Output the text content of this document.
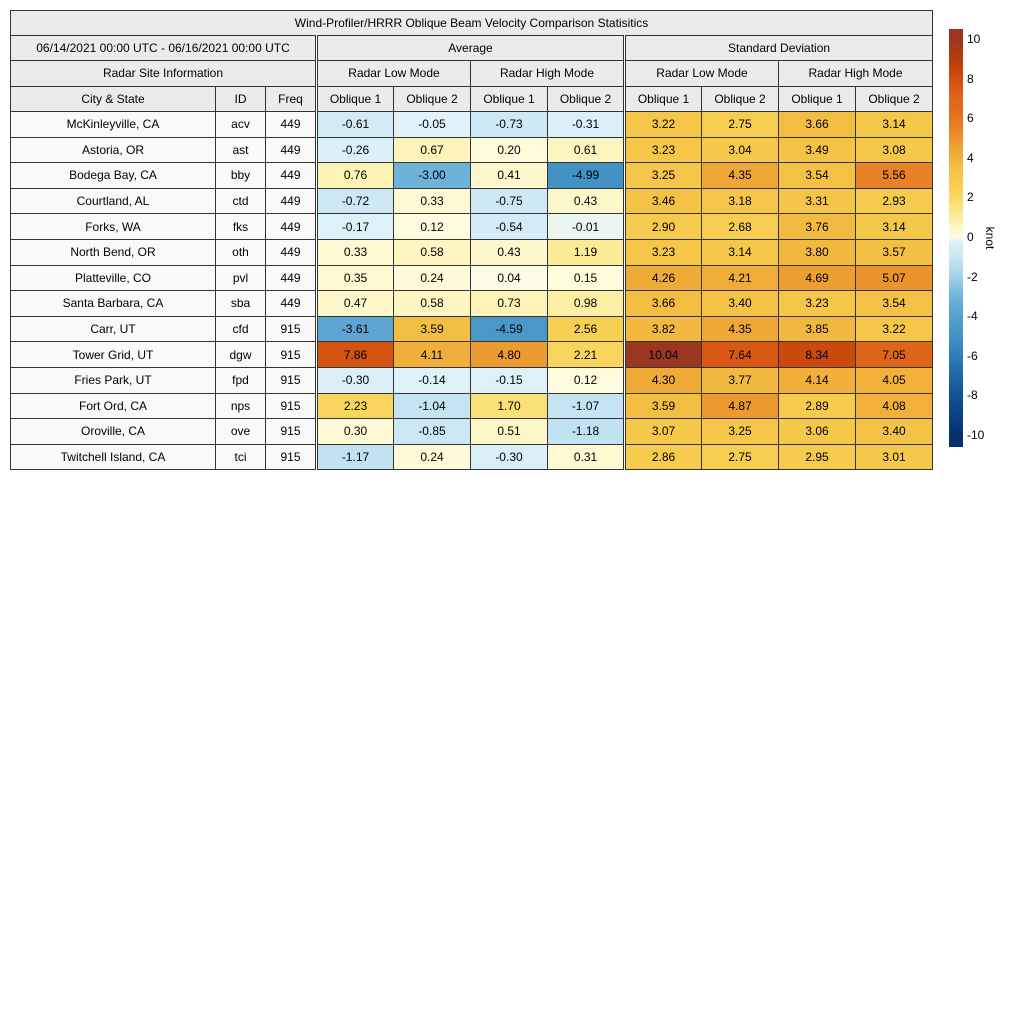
Wind-Profiler/HRRR Oblique Beam Velocity Comparison Statisitics										
06/14/2021 00:00 UTC - 06/16/2021 00:00 UTC			Average				Standard Deviation			
Radar Site Information			Radar Low Mode		Radar High Mode		Radar Low Mode		Radar High Mode	
City & State	ID	Freq	Oblique 1	Oblique 2	Oblique 1	Oblique 2	Oblique 1	Oblique 2	Oblique 1	Oblique 2
McKinleyville, CA	acv	449	-0.61	-0.05	-0.73	-0.31	3.22	2.75	3.66	3.14
Astoria, OR	ast	449	-0.26	0.67	0.20	0.61	3.23	3.04	3.49	3.08
Bodega Bay, CA	bby	449	0.76	-3.00	0.41	-4.99	3.25	4.35	3.54	5.56
Courtland, AL	ctd	449	-0.72	0.33	-0.75	0.43	3.46	3.18	3.31	2.93
Forks, WA	fks	449	-0.17	0.12	-0.54	-0.01	2.90	2.68	3.76	3.14
North Bend, OR	oth	449	0.33	0.58	0.43	1.19	3.23	3.14	3.80	3.57
Platteville, CO	pvl	449	0.35	0.24	0.04	0.15	4.26	4.21	4.69	5.07
Santa Barbara, CA	sba	449	0.47	0.58	0.73	0.98	3.66	3.40	3.23	3.54
Carr, UT	cfd	915	-3.61	3.59	-4.59	2.56	3.82	4.35	3.85	3.22
Tower Grid, UT	dgw	915	7.86	4.11	4.80	2.21	10.04	7.64	8.34	7.05
Fries Park, UT	fpd	915	-0.30	-0.14	-0.15	0.12	4.30	3.77	4.14	4.05
Fort Ord, CA	nps	915	2.23	-1.04	1.70	-1.07	3.59	4.87	2.89	4.08
Oroville, CA	ove	915	0.30	-0.85	0.51	-1.18	3.07	3.25	3.06	3.40
Twitchell Island, CA	tci	915	-1.17	0.24	-0.30	0.31	2.86	2.75	2.95	3.01
10
8
6
4
2
0
-2
-4
-6
-8
-10
knot
